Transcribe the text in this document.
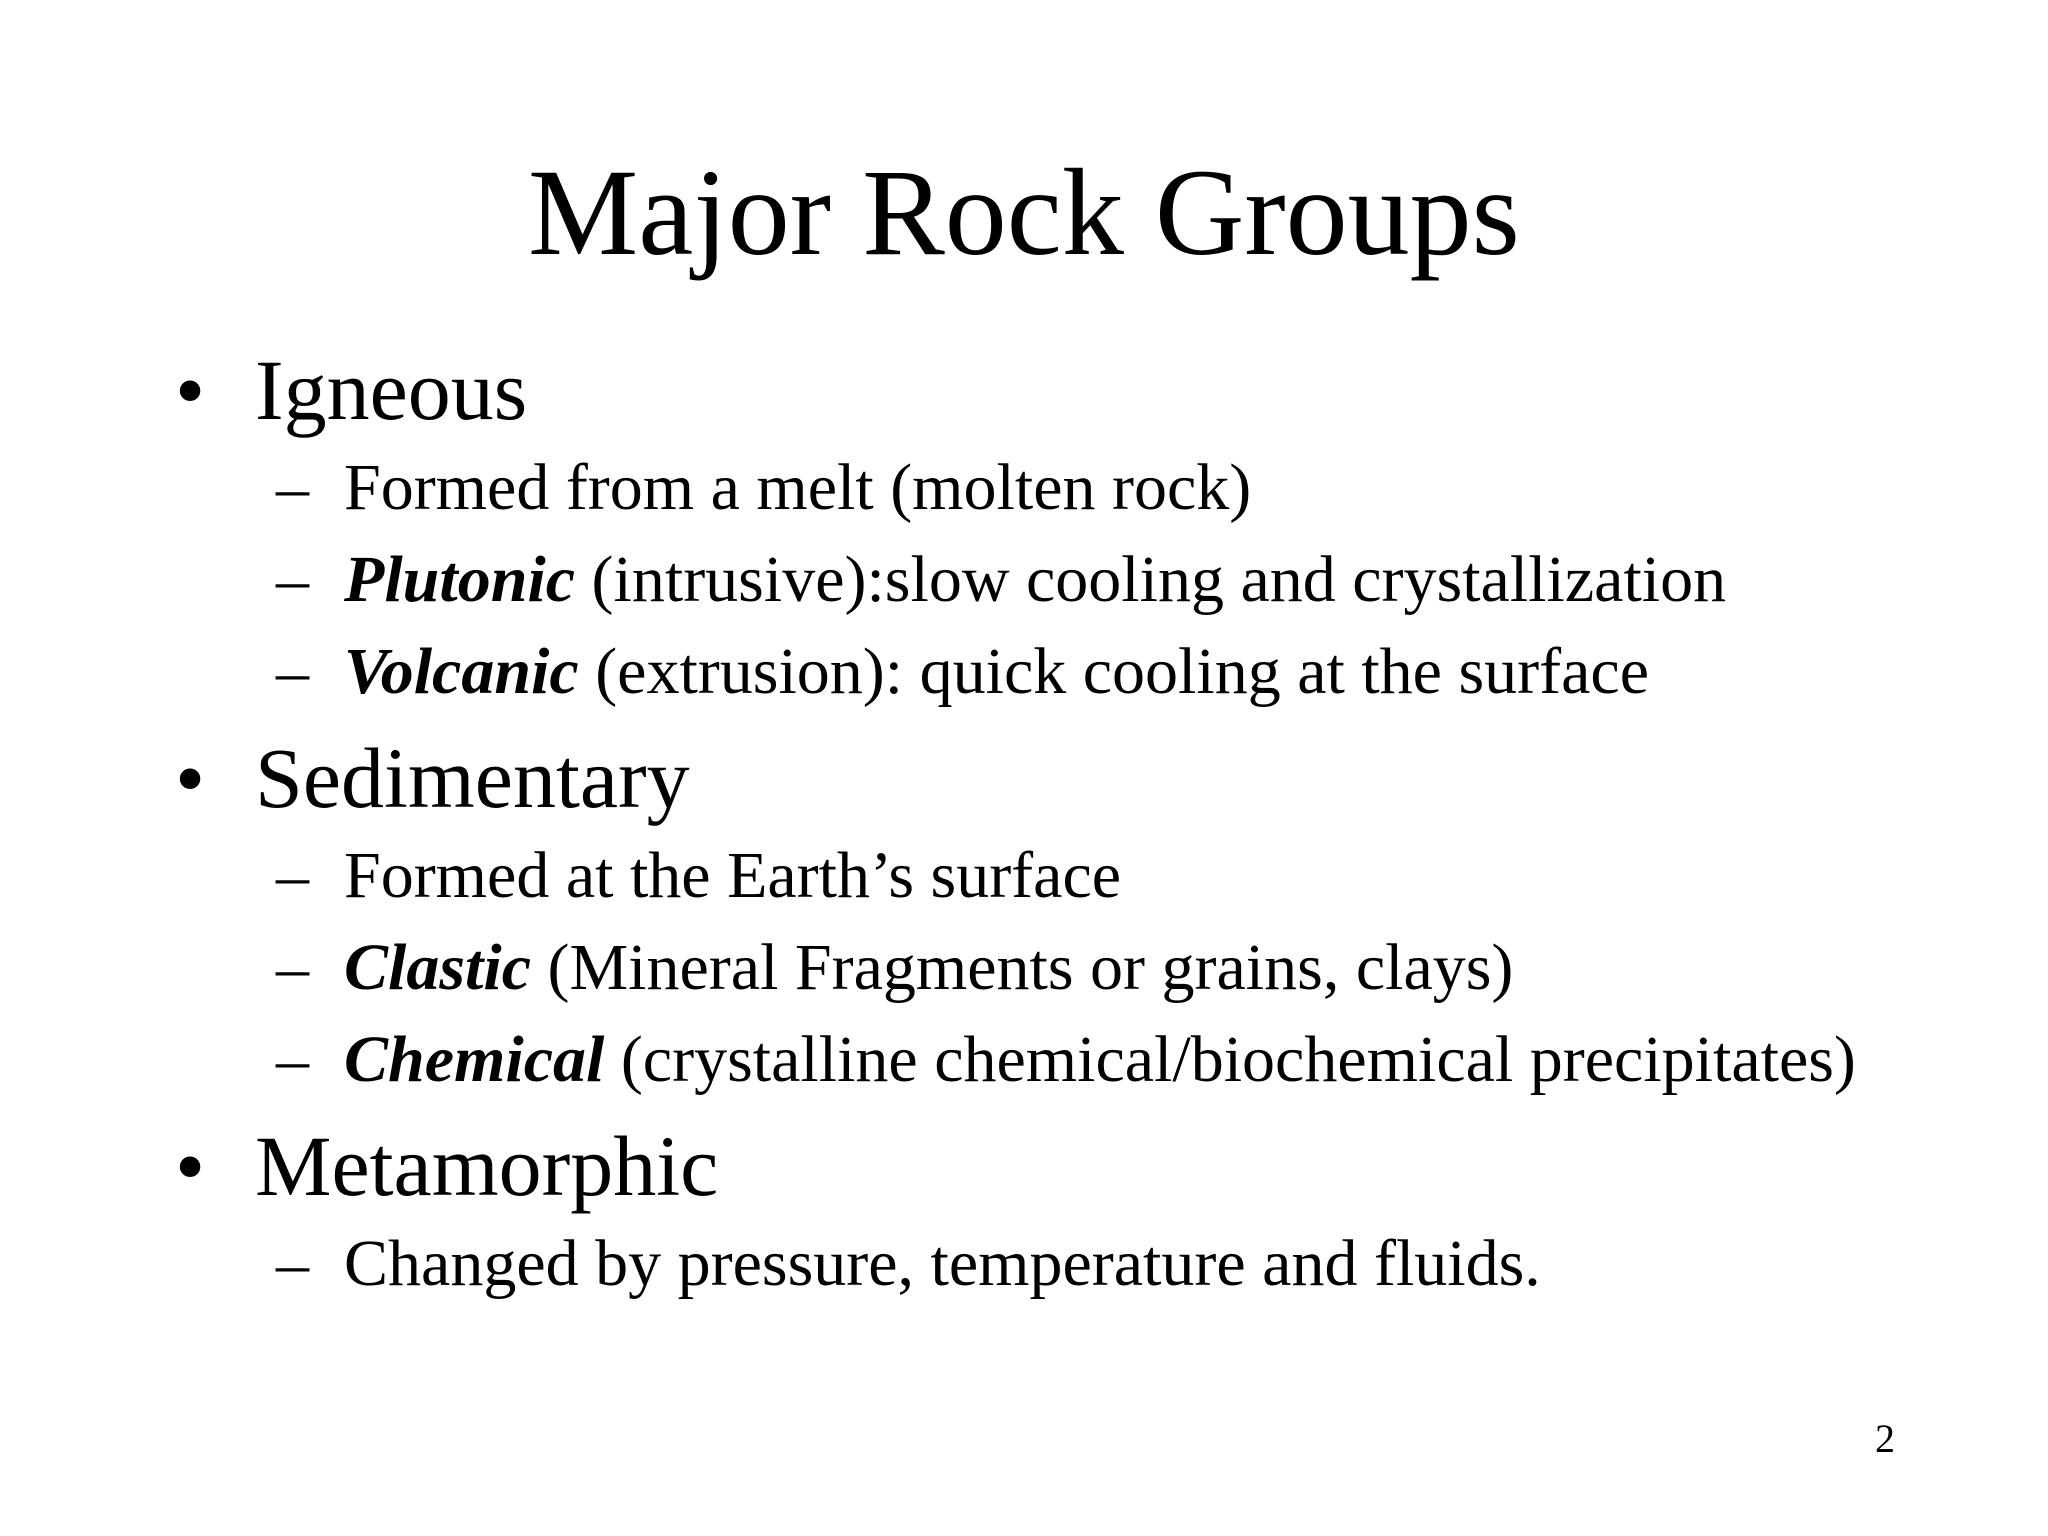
Major Rock Groups
• Igneous
– Formed from a melt (molten rock)
– Plutonic (intrusive):slow cooling and crystallization
– Volcanic (extrusion): quick cooling at the surface
• Sedimentary
– Formed at the Earth’s surface
– Clastic (Mineral Fragments or grains, clays)
– Chemical (crystalline chemical/biochemical precipitates)
• Metamorphic
– Changed by pressure, temperature and fluids.
2
